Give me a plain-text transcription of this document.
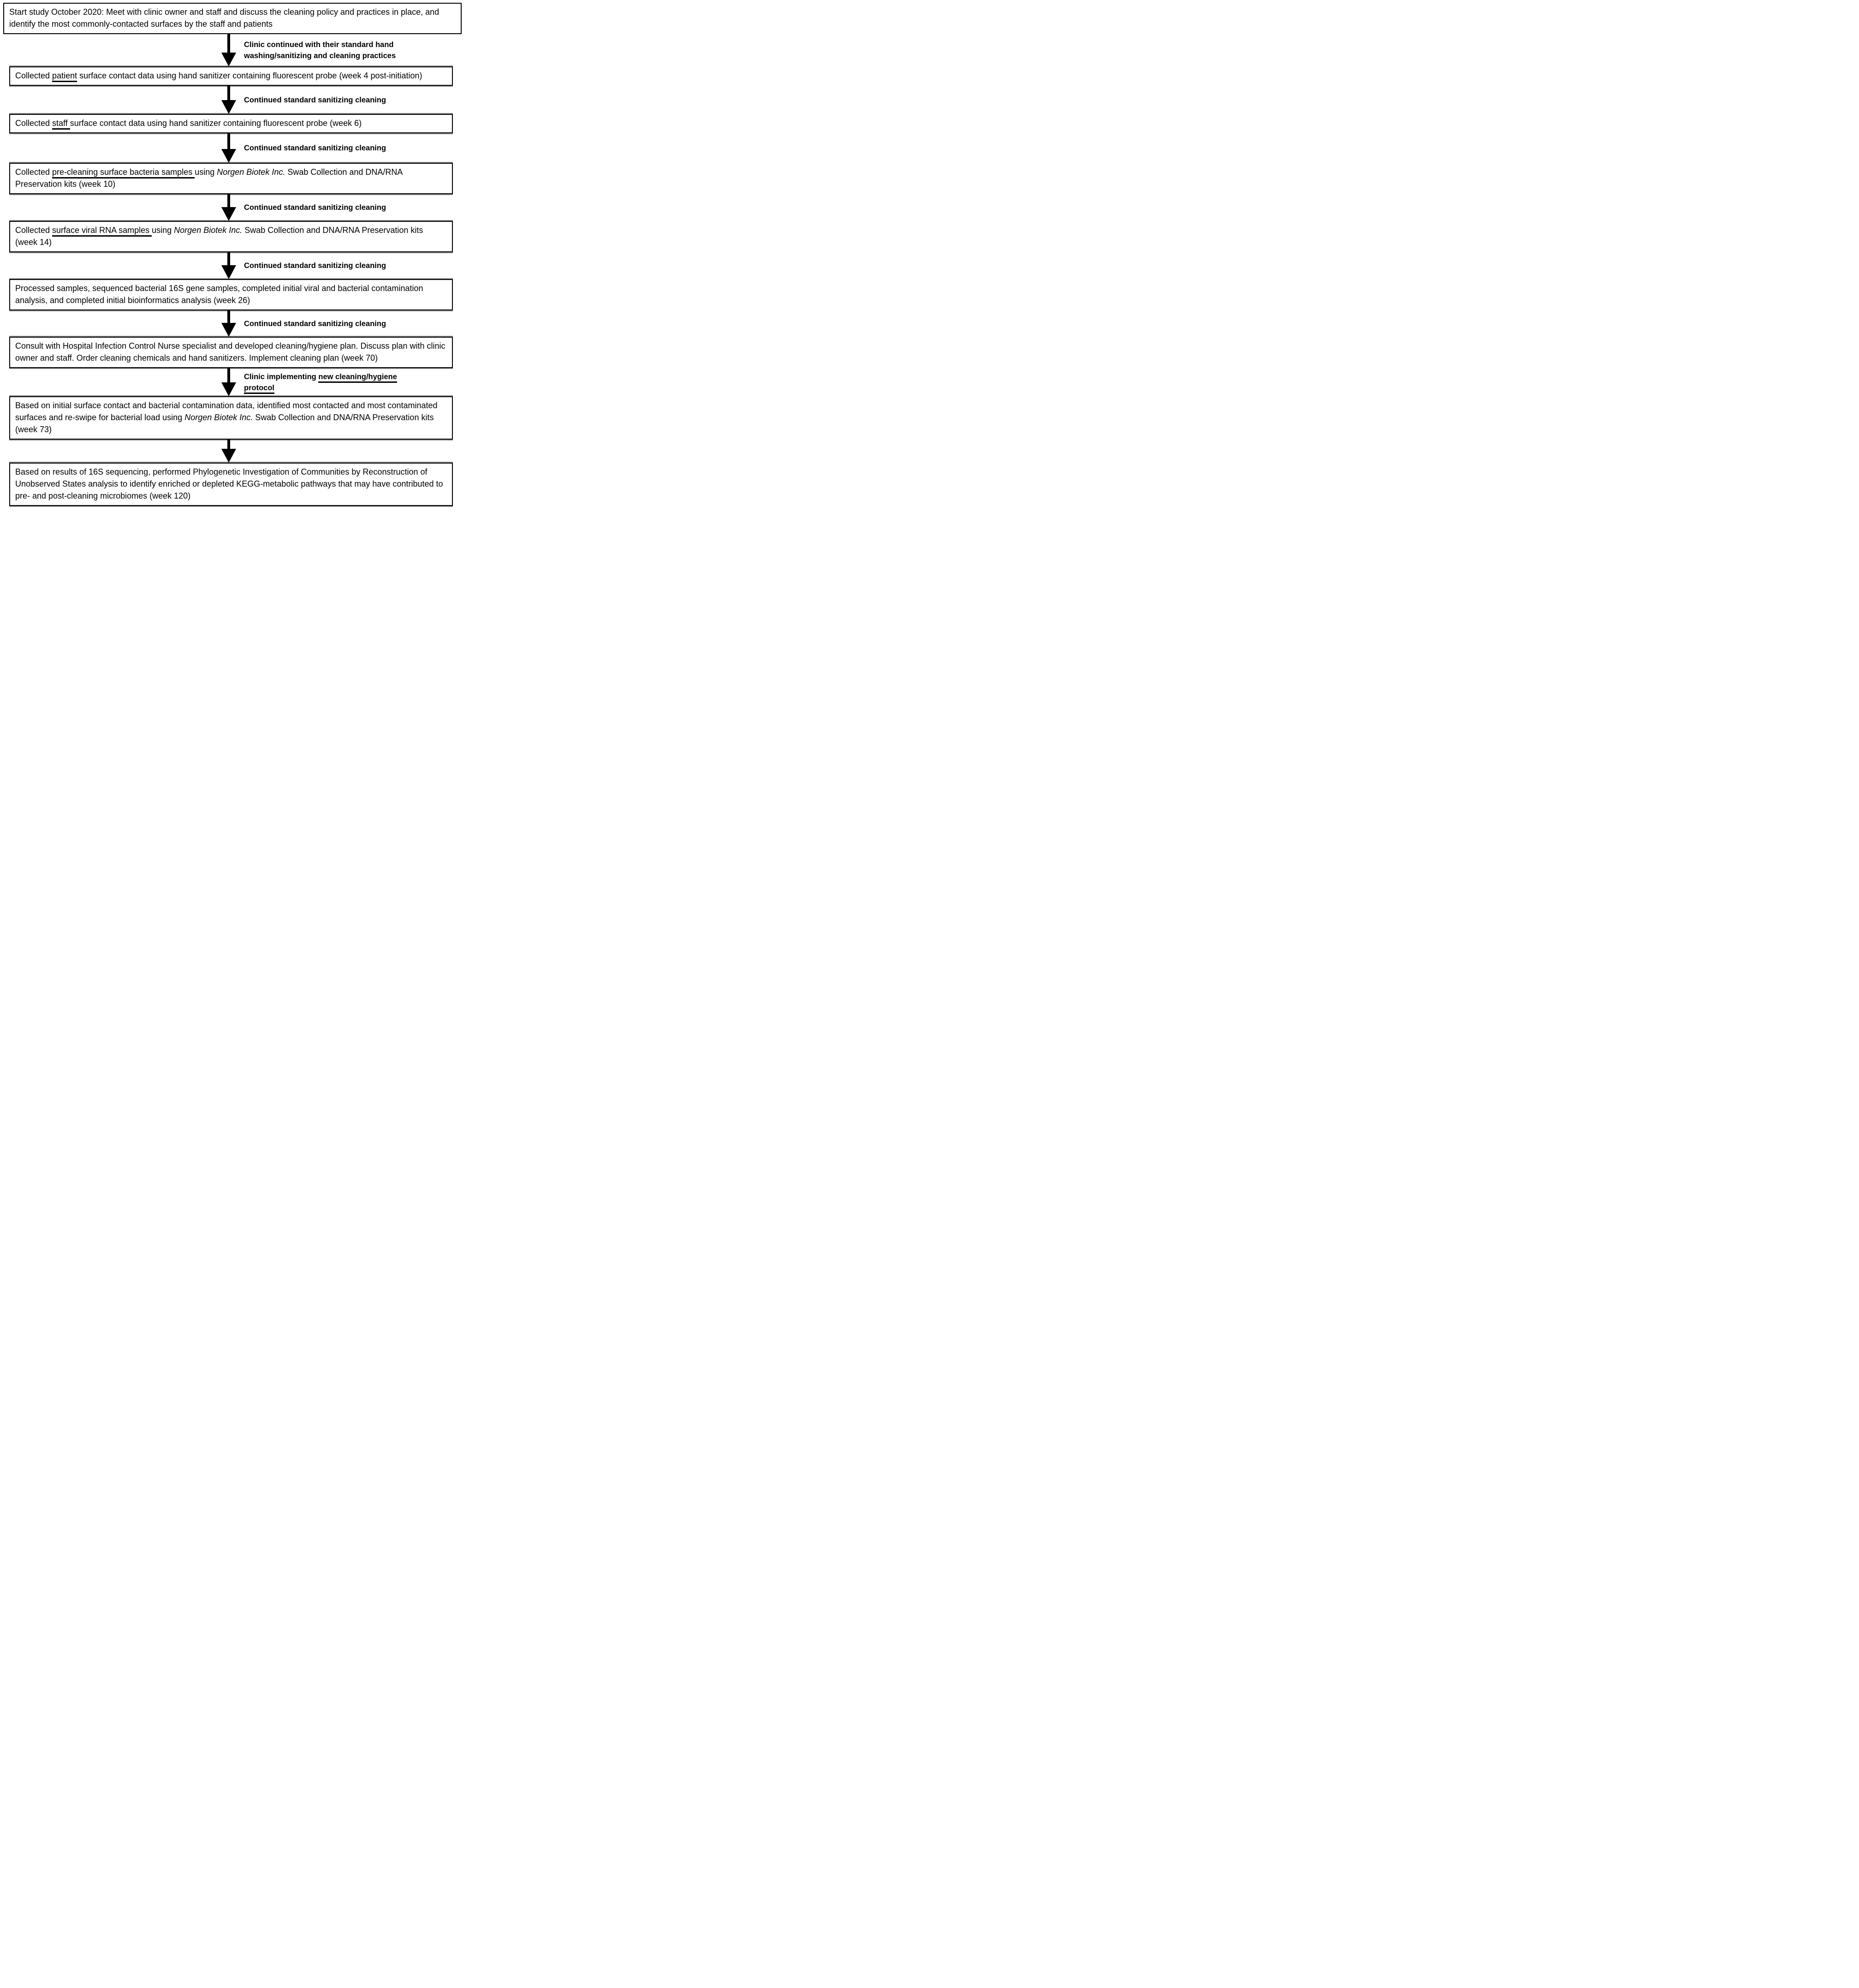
Start study October 2020: Meet with clinic owner and staff and discuss the cleaning policy and practices in place, and identify the most commonly-contacted surfaces by the staff and patients

Clinic continued with their standard hand washing/sanitizing and cleaning practices

Collected patient surface contact data using hand sanitizer containing fluorescent probe (week 4 post-initiation)

Continued standard sanitizing cleaning

Collected staff surface contact data using hand sanitizer containing fluorescent probe (week 6)

Continued standard sanitizing cleaning

Collected pre-cleaning surface bacteria samples using Norgen Biotek Inc. Swab Collection and DNA/RNA Preservation kits (week 10)

Continued standard sanitizing cleaning

Collected surface viral RNA samples using Norgen Biotek Inc. Swab Collection and DNA/RNA Preservation kits (week 14)

Continued standard sanitizing cleaning

Processed samples, sequenced bacterial 16S gene samples, completed initial viral and bacterial contamination analysis, and completed initial bioinformatics analysis (week 26)

Continued standard sanitizing cleaning

Consult with Hospital Infection Control Nurse specialist and developed cleaning/hygiene plan. Discuss plan with clinic owner and staff. Order cleaning chemicals and hand sanitizers. Implement cleaning plan (week 70)

Clinic implementing new cleaning/hygiene protocol

Based on initial surface contact and bacterial contamination data, identified most contacted and most contaminated surfaces and re-swipe for bacterial load using Norgen Biotek Inc. Swab Collection and DNA/RNA Preservation kits (week 73)

Based on results of 16S sequencing, performed Phylogenetic Investigation of Communities by Reconstruction of Unobserved States analysis to identify enriched or depleted KEGG-metabolic pathways that may have contributed to pre- and post-cleaning microbiomes (week 120)
